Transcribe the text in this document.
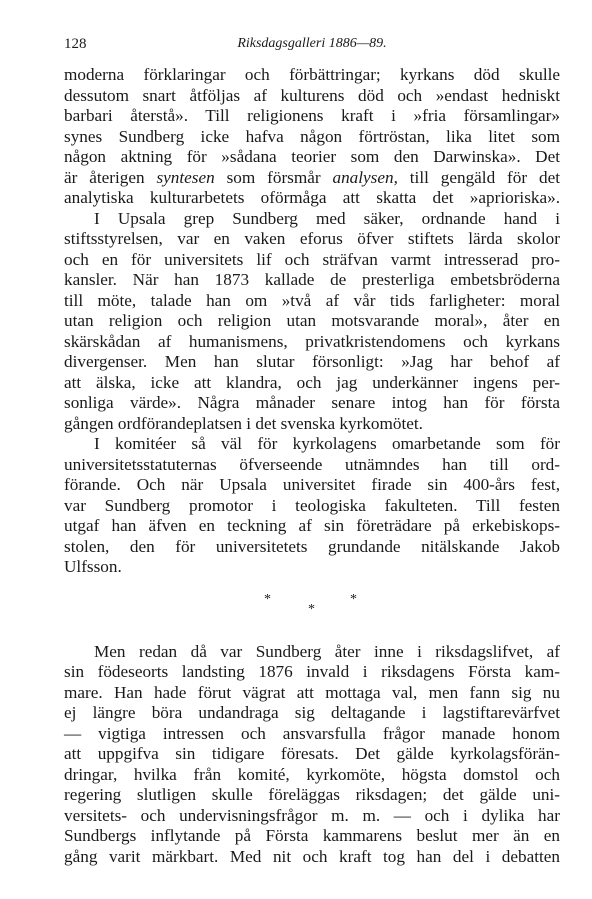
128	Riksdagsgalleri 1886—89.
moderna förklaringar och förbättringar; kyrkans död skulle
dessutom snart åtföljas af kulturens död och »endast hedniskt
barbari återstå». Till religionens kraft i »fria församlingar»
synes Sundberg icke hafva någon förtröstan, lika litet som
någon aktning för »sådana teorier som den Darwinska». Det
är återigen syntesen som försmår analysen, till gengäld för det
analytiska kulturarbetets oförmåga att skatta det »aprioriska».
I Upsala grep Sundberg med säker, ordnande hand i
stiftsstyrelsen, var en vaken eforus öfver stiftets lärda skolor
och en för universitets lif och sträfvan varmt intresserad pro-
kansler. När han 1873 kallade de presterliga embetsbröderna
till möte, talade han om »två af vår tids farligheter: moral
utan religion och religion utan motsvarande moral», åter en
skärskådan af humanismens, privatkristendomens och kyrkans
divergenser. Men han slutar försonligt: »Jag har behof af
att älska, icke att klandra, och jag underkänner ingens per-
sonliga värde». Några månader senare intog han för första
gången ordförandeplatsen i det svenska kyrkomötet.
I komitéer så väl för kyrkolagens omarbetande som för
universitetsstatuternas öfverseende utnämndes han till ord-
förande. Och när Upsala universitet firade sin 400-års fest,
var Sundberg promotor i teologiska fakulteten. Till festen
utgaf han äfven en teckning af sin företrädare på erkebiskops-
stolen, den för universitetets grundande nitälskande Jakob
Ulfsson.
*
*
*
Men redan då var Sundberg åter inne i riksdagslifvet, af
sin födeseorts landsting 1876 invald i riksdagens Första kam-
mare. Han hade förut vägrat att mottaga val, men fann sig nu
ej längre böra undandraga sig deltagande i lagstiftarevärfvet
— vigtiga intressen och ansvarsfulla frågor manade honom
att uppgifva sin tidigare föresats. Det gälde kyrkolagsförän-
dringar, hvilka från komité, kyrkomöte, högsta domstol och
regering slutligen skulle föreläggas riksdagen; det gälde uni-
versitets- och undervisningsfrågor m. m. — och i dylika har
Sundbergs inflytande på Första kammarens beslut mer än en
gång varit märkbart. Med nit och kraft tog han del i debatten
